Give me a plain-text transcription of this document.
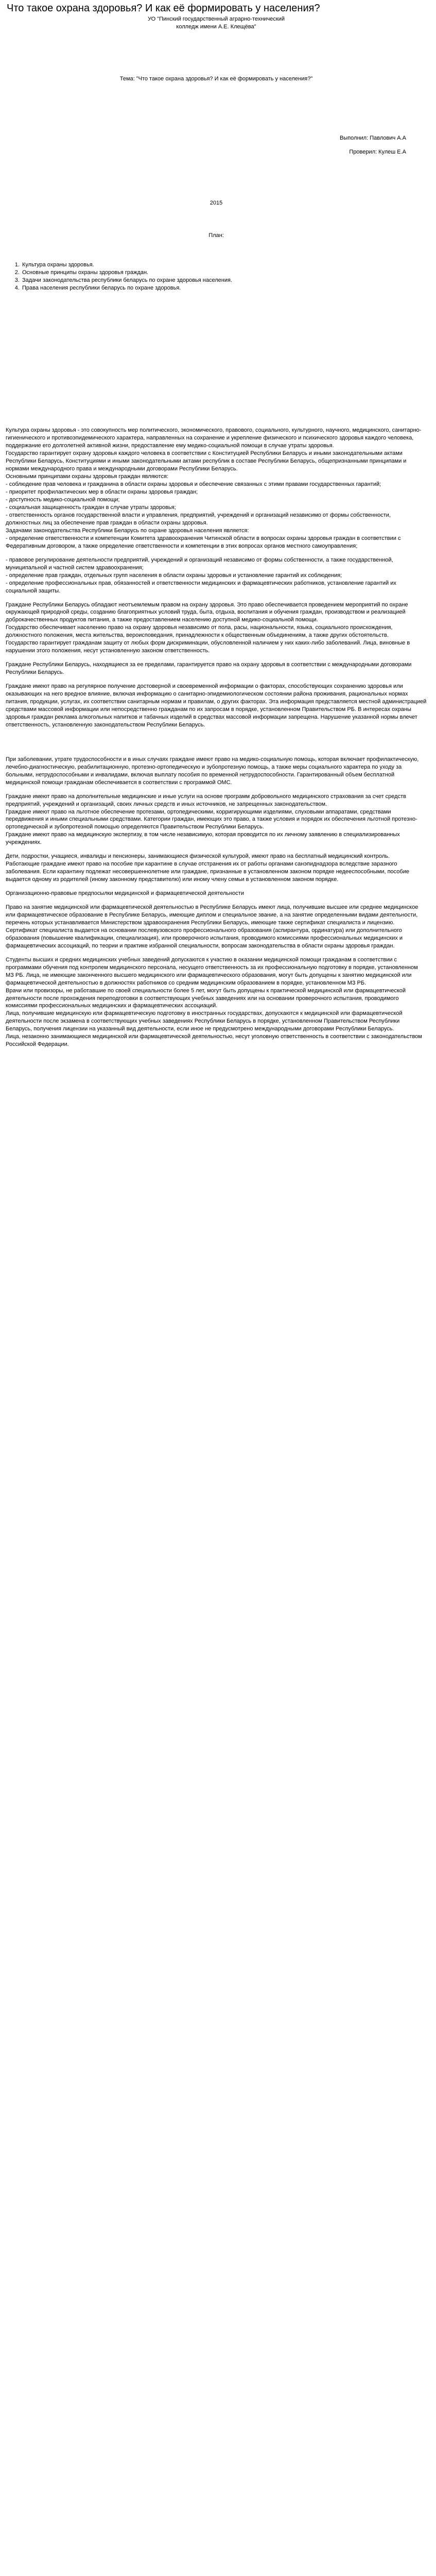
Что такое охрана здоровья? И как её формировать у населения?
УО "Пинский государственный аграрно-технический колледж имени А.Е. Клещёва"
Тема: "Что такое охрана здоровья? И как её формировать у населения?"

Выполнил: Павлович А.А

Проверил: Кулеш Е.А

2015
План:
1. Культура охраны здоровья.
2. Основные принципы охраны здоровья граждан.
3. Задачи законодательства республики беларусь по охране здоровья населения.
4. Права населения республики беларусь по охране здоровья.

Культура охраны здоровья - это совокупность мер политического, экономического, правового, социального, культурного, научного, медицинского, санитарно-гигиенического и противоэпидемического характера, направленных на сохранение и укрепление физического и психического здоровья каждого человека, поддержание его долголетней активной жизни, предоставление ему медико-социальной помощи в случае утраты здоровья.

Государство гарантирует охрану здоровья каждого человека в соответствии с Конституцией Республики Беларусь и иными законодательными актами Республики Беларусь, Конституциями и иными законодательными актами республик в составе Республики Беларусь, общепризнанными принципами и нормами международного права и международными договорами Республики Беларусь.

Основными принципами охраны здоровья граждан являются:

- соблюдение прав человека и гражданина в области охраны здоровья и обеспечение связанных с этими правами государственных гарантий;

- приоритет профилактических мер в области охраны здоровья граждан;

- доступность медико-социальной помощи;

- социальная защищенность граждан в случае утраты здоровья;

- ответственность органов государственной власти и управления, предприятий, учреждений и организаций независимо от формы собственности, должностных лиц за обеспечение прав граждан в области охраны здоровья.

Задачами законодательства Республики Беларусь по охране здоровья населения является:

- определение ответственности и компетенции Комитета здравоохранения Читинской области в вопросах охраны здоровья граждан в соответствии с Федеративным договором, а также определение ответственности и компетенции в этих вопросах органов местного самоуправления;

- правовое регулирование деятельности предприятий, учреждений и организаций независимо от формы собственности, а также государственной, муниципальной и частной систем здравоохранения;

- определение прав граждан, отдельных групп населения в области охраны здоровья и установление гарантий их соблюдения;

- определение профессиональных прав, обязанностей и ответственности медицинских и фармацевтических работников, установление гарантий их социальной защиты.

Граждане Республики Беларусь обладают неотъемлемым правом на охрану здоровья. Это право обеспечивается проведением мероприятий по охране окружающей природной среды, созданию благоприятных условий труда, быта, отдыха, воспитания и обучения граждан, производством и реализацией доброкачественных продуктов питания, а также предоставлением населению доступной медико-социальной помощи.

Государство обеспечивает населению право на охрану здоровья независимо от пола, расы, национальности, языка, социального происхождения, должностного положения, места жительства, вероисповедания, принадлежности к общественным объединениям, а также других обстоятельств.

Государство гарантирует гражданам защиту от любых форм дискриминации, обусловленной наличием у них каких-либо заболеваний. Лица, виновные в нарушении этого положения, несут установленную законом ответственность.

Граждане Республики Беларусь, находящиеся за ее пределами, гарантируется право на охрану здоровья в соответствии с международными договорами Республики Беларусь.

Граждане имеют право на регулярное получение достоверной и своевременной информации о факторах, способствующих сохранению здоровья или оказывающих на него вредное влияние, включая информацию о санитарно-эпидемиологическом состоянии района проживания, рациональных нормах питания, продукции, услугах, их соответствии санитарным нормам и правилам, о других факторах. Эта информация представляется местной администрацией средствами массовой информации или непосредственно гражданам по их запросам в порядке, установленном Правительством РБ. В интересах охраны здоровья граждан реклама алкогольных напитков и табачных изделий в средствах массовой информации запрещена. Нарушение указанной нормы влечет ответственность, установленную законодательством Республики Беларусь.

При заболевании, утрате трудоспособности и в иных случаях граждане имеют право на медико-социальную помощь, которая включает профилактическую, лечебно-диагностическую, реабилитационную, протезно-ортопедическую и зубопротезную помощь, а также меры социального характера по уходу за больными, нетрудоспособными и инвалидами, включая выплату пособия по временной нетрудоспособности. Гарантированный объем бесплатной медицинской помощи гражданам обеспечивается в соответствии с программой ОМС.

Граждане имеют право на дополнительные медицинские и иные услуги на основе программ добровольного медицинского страхования за счет средств предприятий, учреждений и организаций, своих личных средств и иных источников, не запрещенных законодательством.

Граждане имеют право на льготное обеспечение протезами, ортопедическими, корригирующими изделиями, слуховыми аппаратами, средствами передвижения и иными специальными средствами. Категории граждан, имеющих это право, а также условия и порядок их обеспечения льготной протезно-ортопедической и зубопротезной помощью определяются Правительством Республики Беларусь.

Граждане имеют право на медицинскую экспертизу, в том числе независимую, которая проводится по их личному заявлению в специализированных учреждениях.

Дети, подростки, учащиеся, инвалиды и пенсионеры, занимающиеся физической культурой, имеют право на бесплатный медицинский контроль.

Работающие граждане имеют право на пособие при карантине в случае отстранения их от работы органами санэпиднадзора вследствие заразного заболевания. Если карантину подлежат несовершеннолетние или граждане, признанные в установленном законом порядке недееспособными, пособие выдается одному из родителей (иному законному представителю) или иному члену семьи в установленном законом порядке.

Организационно-правовые предпосылки медицинской и фармацевтической деятельности

Право на занятие медицинской или фармацевтической деятельностью в Республике Беларусь имеют лица, получившие высшее или среднее медицинское или фармацевтическое образование в Республике Беларусь, имеющие диплом и специальное звание, а на занятие определенными видами деятельности, перечень которых устанавливается Министерством здравоохранения Республики Беларусь, имеющие также сертификат специалиста и лицензию.

Сертификат специалиста выдается на основании послевузовского профессионального образования (аспирантура, ординатура) или дополнительного образования (повышение квалификации, специализация), или проверочного испытания, проводимого комиссиями профессиональных медицинских и фармацевтических ассоциаций, по теории и практике избранной специальности, вопросам законодательства в области охраны здоровья граждан.

Студенты высших и средних медицинских учебных заведений допускаются к участию в оказании медицинской помощи гражданам в соответствии с программами обучения под контролем медицинского персонала, несущего ответственность за их профессиональную подготовку в порядке, установленном МЗ РБ. Лица, не имеющие законченного высшего медицинского или фармацевтического образования, могут быть допущены к занятию медицинской или фармацевтической деятельностью в должностях работников со средним медицинским образованием в порядке, установленном МЗ РБ.

Врачи или провизоры, не работавшие по своей специальности более 5 лет, могут быть допущены к практической медицинской или фармацевтической деятельности после прохождения переподготовки в соответствующих учебных заведениях или на основании проверочного испытания, проводимого комиссиями профессиональных медицинских и фармацевтических ассоциаций.

Лица, получившие медицинскую или фармацевтическую подготовку в иностранных государствах, допускаются к медицинской или фармацевтической деятельности после экзамена в соответствующих учебных заведениях Республики Беларусь в порядке, установленном Правительством Республики Беларусь, получения лицензии на указанный вид деятельности, если иное не предусмотрено международными договорами Республики Беларусь.

Лица, незаконно занимающиеся медицинской или фармацевтической деятельностью, несут уголовную ответственность в соответствии с законодательством Российской Федерации.
